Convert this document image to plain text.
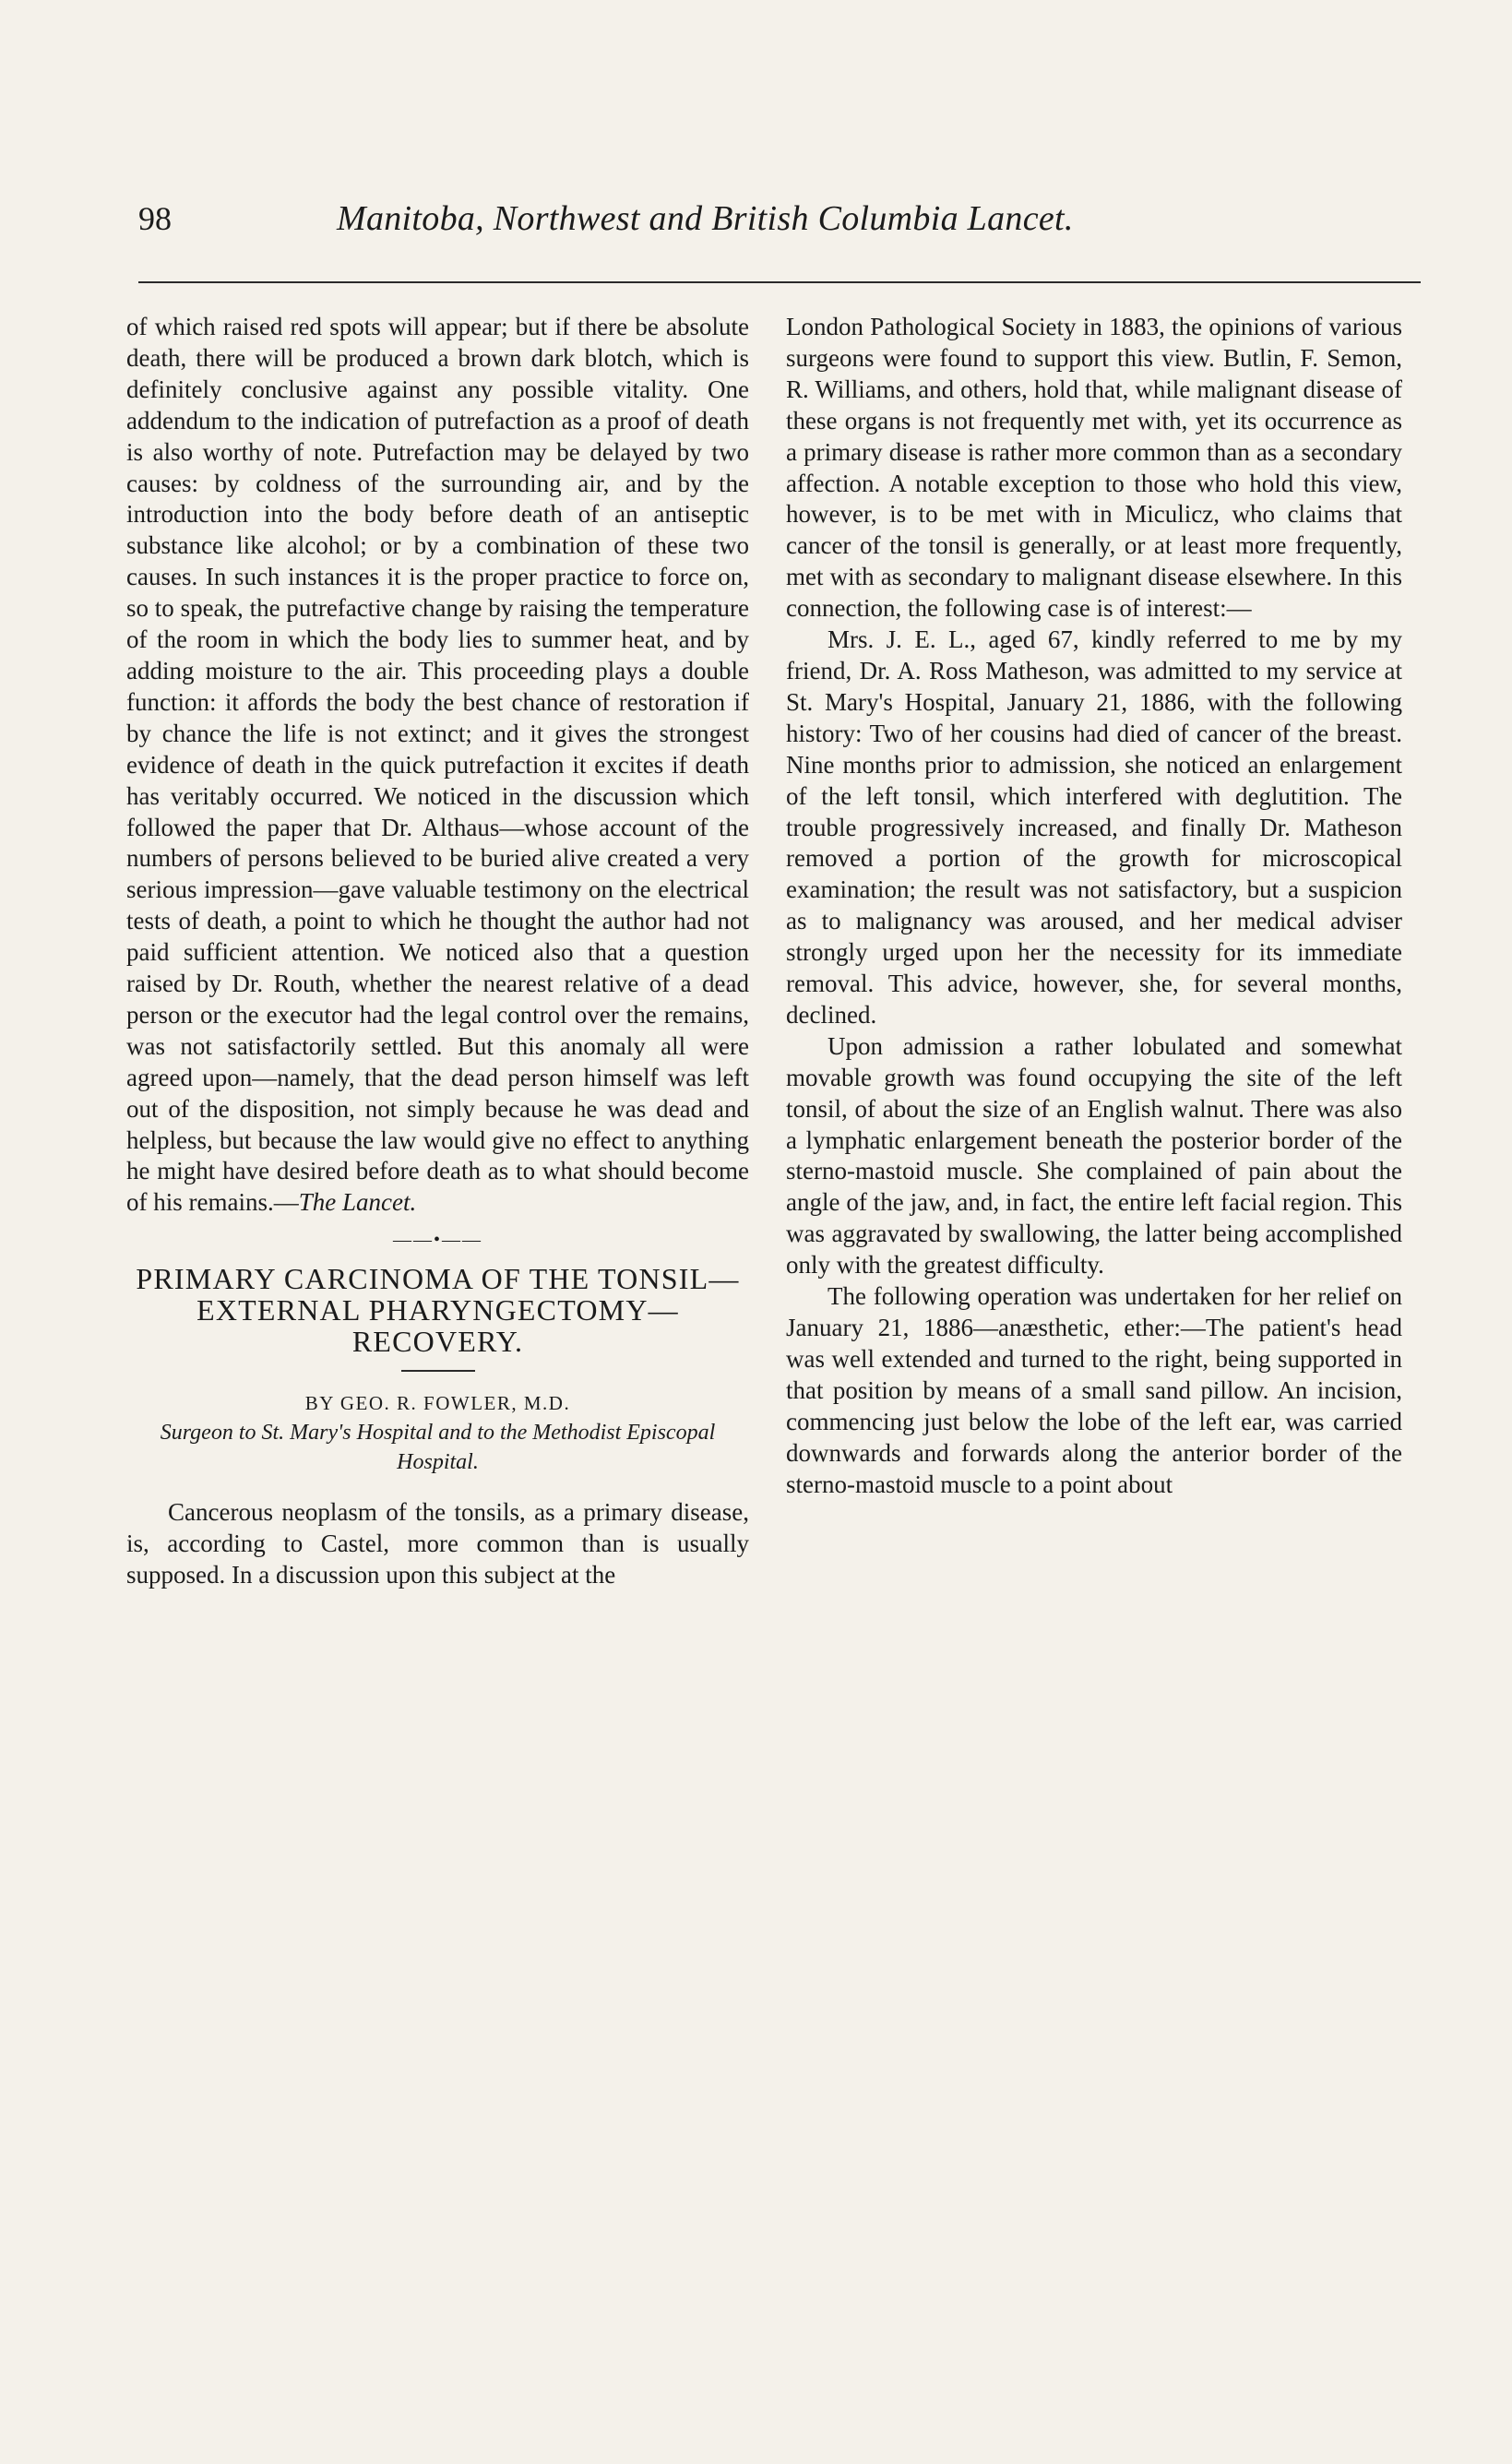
98	Manitoba, Northwest and British Columbia Lancet.

of which raised red spots will appear; but if there be absolute death, there will be produced a brown dark blotch, which is definitely conclusive against any possible vitality. One addendum to the indication of putrefaction as a proof of death is also worthy of note. Putrefaction may be delayed by two causes: by coldness of the surrounding air, and by the introduction into the body before death of an antiseptic substance like alcohol; or by a combination of these two causes. In such instances it is the proper practice to force on, so to speak, the putrefactive change by raising the temperature of the room in which the body lies to summer heat, and by adding moisture to the air. This proceeding plays a double function: it affords the body the best chance of restoration if by chance the life is not extinct; and it gives the strongest evidence of death in the quick putrefaction it excites if death has veritably occurred. We noticed in the discussion which followed the paper that Dr. Althaus—whose account of the numbers of persons believed to be buried alive created a very serious impression—gave valuable testimony on the electrical tests of death, a point to which he thought the author had not paid sufficient attention. We noticed also that a question raised by Dr. Routh, whether the nearest relative of a dead person or the executor had the legal control over the remains, was not satisfactorily settled. But this anomaly all were agreed upon—namely, that the dead person himself was left out of the disposition, not simply because he was dead and helpless, but because the law would give no effect to anything he might have desired before death as to what should become of his remains.—The Lancet.

——•——
PRIMARY CARCINOMA OF THE TONSIL—EXTERNAL PHARYNGECTOMY—RECOVERY.

BY GEO. R. FOWLER, M.D.

Surgeon to St. Mary's Hospital and to the Methodist Episcopal Hospital.

Cancerous neoplasm of the tonsils, as a primary disease, is, according to Castel, more common than is usually supposed. In a discussion upon this subject at the

London Pathological Society in 1883, the opinions of various surgeons were found to support this view. Butlin, F. Semon, R. Williams, and others, hold that, while malignant disease of these organs is not frequently met with, yet its occurrence as a primary disease is rather more common than as a secondary affection. A notable exception to those who hold this view, however, is to be met with in Miculicz, who claims that cancer of the tonsil is generally, or at least more frequently, met with as secondary to malignant disease elsewhere. In this connection, the following case is of interest:—

Mrs. J. E. L., aged 67, kindly referred to me by my friend, Dr. A. Ross Matheson, was admitted to my service at St. Mary's Hospital, January 21, 1886, with the following history: Two of her cousins had died of cancer of the breast. Nine months prior to admission, she noticed an enlargement of the left tonsil, which interfered with deglutition. The trouble progressively increased, and finally Dr. Matheson removed a portion of the growth for microscopical examination; the result was not satisfactory, but a suspicion as to malignancy was aroused, and her medical adviser strongly urged upon her the necessity for its immediate removal. This advice, however, she, for several months, declined.

Upon admission a rather lobulated and somewhat movable growth was found occupying the site of the left tonsil, of about the size of an English walnut. There was also a lymphatic enlargement beneath the posterior border of the sterno-mastoid muscle. She complained of pain about the angle of the jaw, and, in fact, the entire left facial region. This was aggravated by swallowing, the latter being accomplished only with the greatest difficulty.

The following operation was undertaken for her relief on January 21, 1886—anæsthetic, ether:—The patient's head was well extended and turned to the right, being supported in that position by means of a small sand pillow. An incision, commencing just below the lobe of the left ear, was carried downwards and forwards along the anterior border of the sterno-mastoid muscle to a point about
